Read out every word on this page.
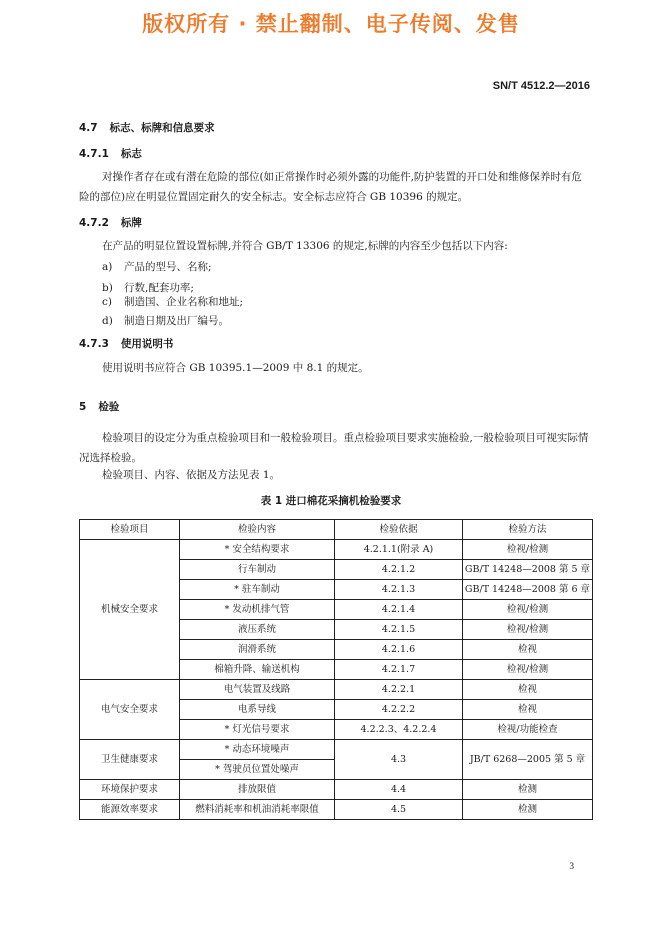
版权所有 · 禁止翻制、电子传阅、发售
SN/T 4512.2—2016
4.7 标志、标牌和信息要求
4.7.1 标志
对操作者存在或有潜在危险的部位(如正常操作时必须外露的功能件,防护装置的开口处和维修保养时有危险的部位)应在明显位置固定耐久的安全标志。安全标志应符合 GB 10396 的规定。
4.7.2 标牌
在产品的明显位置设置标牌,并符合 GB/T 13306 的规定,标牌的内容至少包括以下内容:
a) 产品的型号、名称;
b) 行数,配套功率;
c) 制造国、企业名称和地址;
d) 制造日期及出厂编号。
4.7.3 使用说明书
使用说明书应符合 GB 10395.1—2009 中 8.1 的规定。
5 检验
检验项目的设定分为重点检验项目和一般检验项目。重点检验项目要求实施检验,一般检验项目可视实际情况选择检验。
检验项目、内容、依据及方法见表 1。
表 1 进口棉花采摘机检验要求
检验项目	检验内容	检验依据	检验方法
机械安全要求	* 安全结构要求	4.2.1.1(附录 A)	检视/检测
	行车制动	4.2.1.2	GB/T 14248—2008 第 5 章
	* 驻车制动	4.2.1.3	GB/T 14248—2008 第 6 章
	* 发动机排气管	4.2.1.4	检视/检测
	液压系统	4.2.1.5	检视/检测
	润滑系统	4.2.1.6	检视
	棉箱升降、输送机构	4.2.1.7	检视/检测
电气安全要求	电气装置及线路	4.2.2.1	检视
	电系导线	4.2.2.2	检视
	* 灯光信号要求	4.2.2.3、4.2.2.4	检视/功能检查
卫生健康要求	* 动态环境噪声	4.3	JB/T 6268—2005 第 5 章
	* 驾驶员位置处噪声		
环境保护要求	排放限值	4.4	检测
能源效率要求	燃料消耗率和机油消耗率限值	4.5	检测
3
